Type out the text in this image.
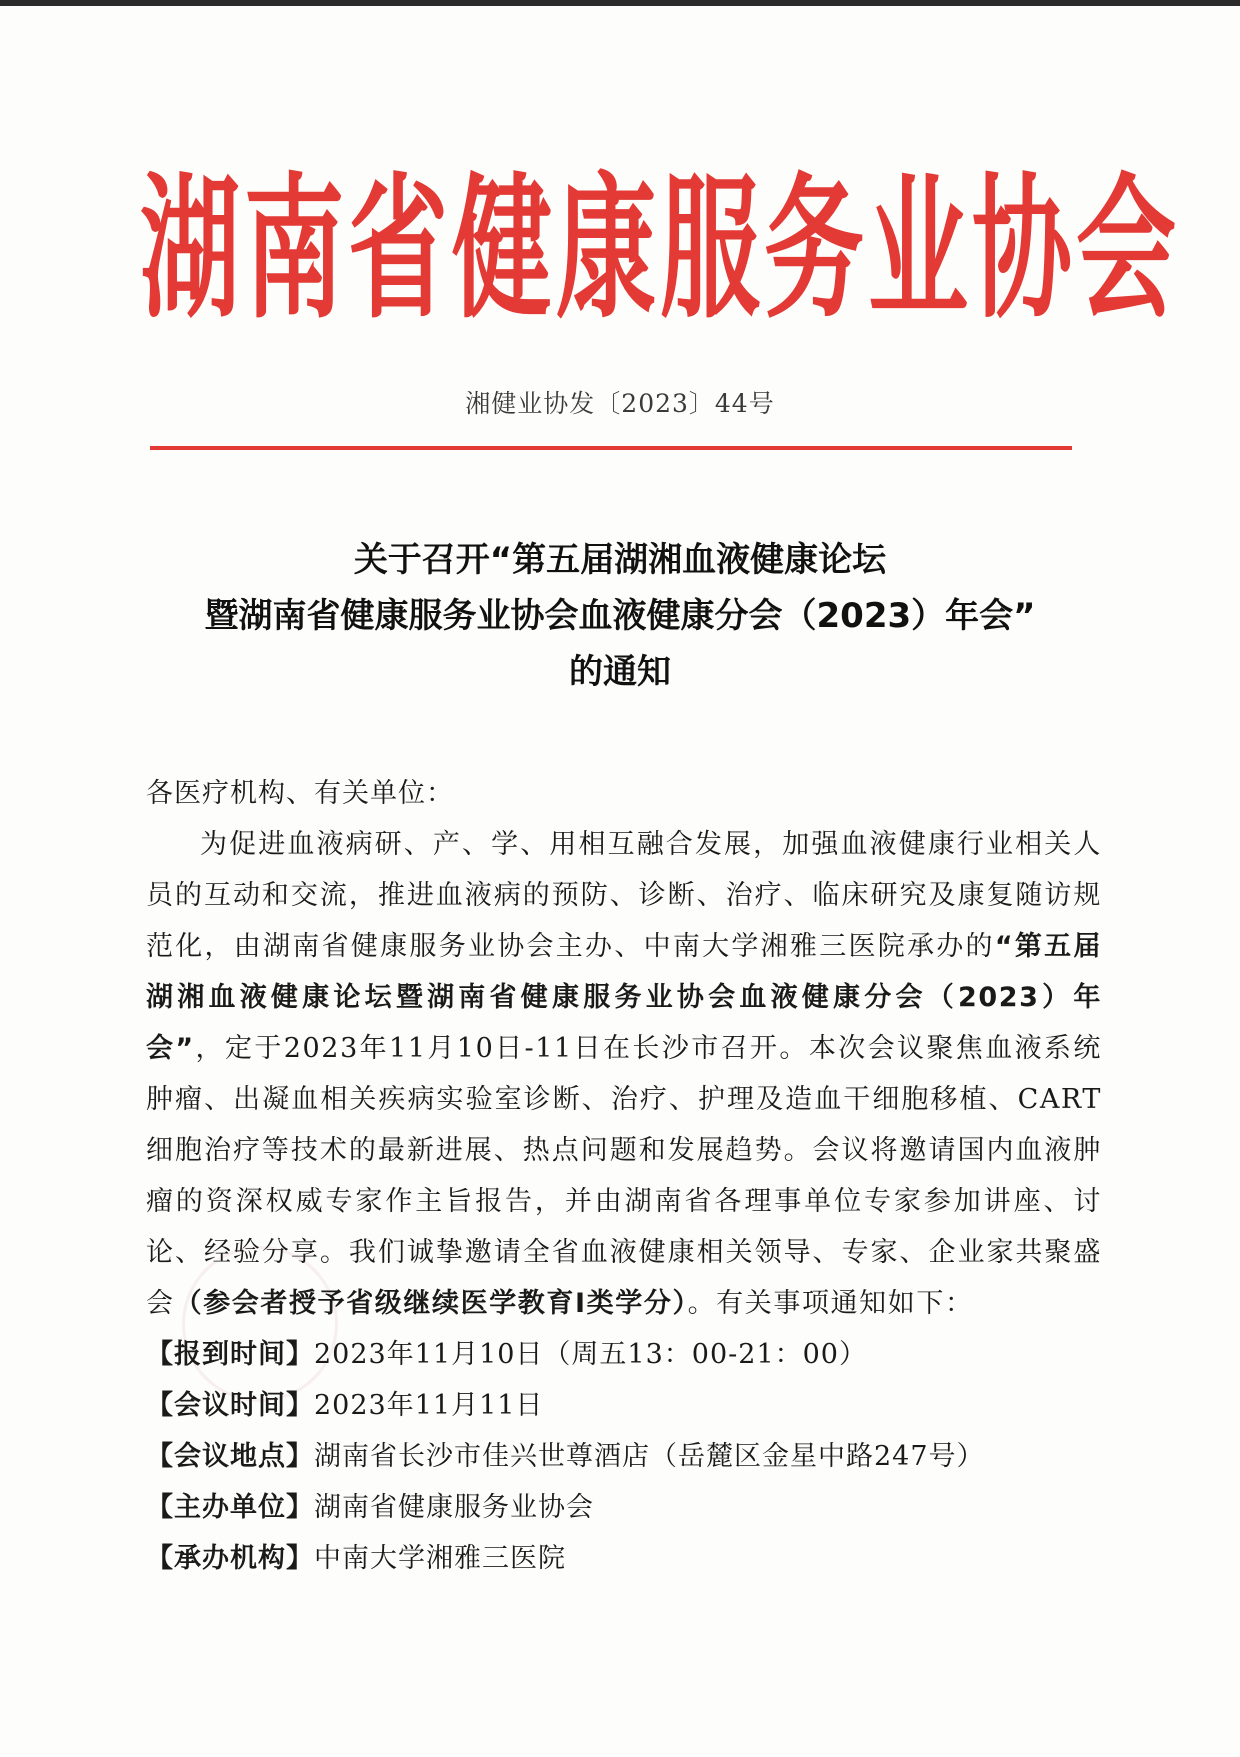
湖南省健康服务业协会
湘健业协发〔2023〕44号
关于召开“第五届湖湘血液健康论坛
暨湖南省健康服务业协会血液健康分会（2023）年会”
的通知

各医疗机构、有关单位：

为促进血液病研、产、学、用相互融合发展，加强血液健康行业相关人员的互动和交流，推进血液病的预防、诊断、治疗、临床研究及康复随访规范化，由湖南省健康服务业协会主办、中南大学湘雅三医院承办的“第五届湖湘血液健康论坛暨湖南省健康服务业协会血液健康分会（2023）年会”，定于2023年11月10日-11日在长沙市召开。本次会议聚焦血液系统肿瘤、出凝血相关疾病实验室诊断、治疗、护理及造血干细胞移植、CART细胞治疗等技术的最新进展、热点问题和发展趋势。会议将邀请国内血液肿瘤的资深权威专家作主旨报告，并由湖南省各理事单位专家参加讲座、讨论、经验分享。我们诚挚邀请全省血液健康相关领导、专家、企业家共聚盛会（参会者授予省级继续医学教育Ⅰ类学分）。有关事项通知如下：

【报到时间】2023年11月10日（周五13：00-21：00）

【会议时间】2023年11月11日

【会议地点】湖南省长沙市佳兴世尊酒店（岳麓区金星中路247号）

【主办单位】湖南省健康服务业协会

【承办机构】中南大学湘雅三医院
